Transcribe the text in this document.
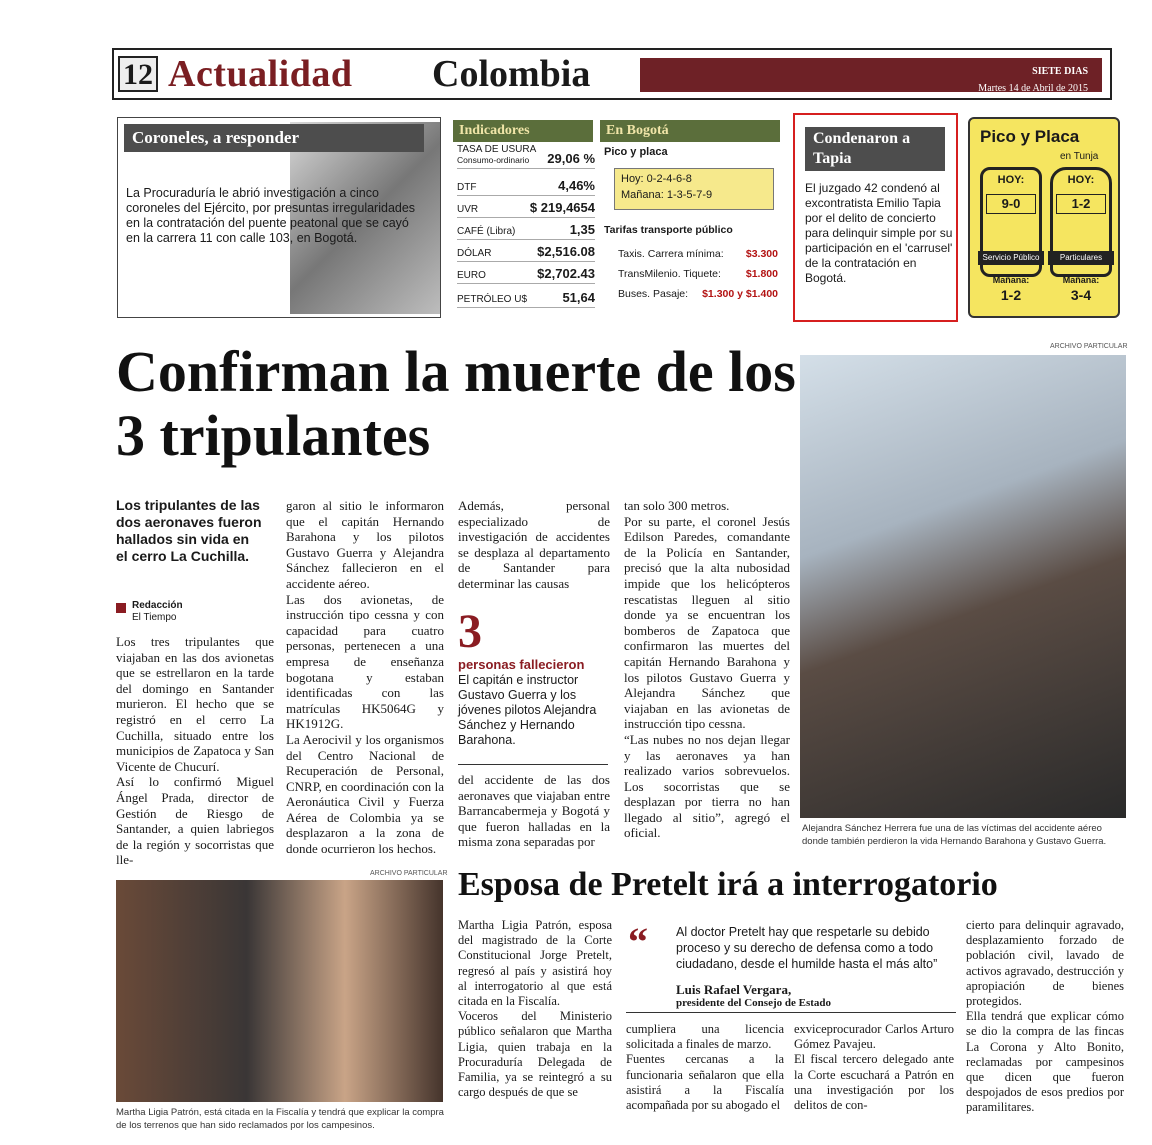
12 Actualidad Colombia	SIETE DIAS
Martes 14 de Abril de 2015
Coroneles, a responder
La Procuraduría le abrió investigación a cinco coroneles del Ejército, por presuntas irregularidades en la contratación del puente peatonal que se cayó en la carrera 11 con calle 103, en Bogotá.
Indicadores
TASA DE USURA
Consumo-ordinario	29,06 %
DTF	4,46%
UVR	$ 219,4654
CAFÉ (Libra)	1,35
DÓLAR	$2,516.08
EURO	$2,702.43
PETRÓLEO U$	51,64
En Bogotá
Pico y placa
Hoy: 0-2-4-6-8
Mañana: 1-3-5-7-9
Tarifas transporte público
Taxis. Carrera mínima: $3.300
TransMilenio. Tiquete: $1.800
Buses. Pasaje: $1.300 y $1.400
Condenaron a Tapia
El juzgado 42 condenó al excontratista Emilio Tapia por el delito de concierto para delinquir simple por su participación en el 'carrusel' de la contratación en Bogotá.
Pico y Placa
en Tunja
HOY:
9-0
HOY:
1-2
Servicio Público	Particulares
Mañana:	Mañana:
1-2	3-4
Confirman la muerte de los 3 tripulantes
Los tripulantes de las dos aeronaves fueron hallados sin vida en el cerro La Cuchilla.
Redacción
El Tiempo
Los tres tripulantes que viajaban en las dos avionetas que se estrellaron en la tarde del domingo en Santander murieron. El hecho que se registró en el cerro La Cuchilla, situado entre los municipios de Zapatoca y San Vicente de Chucurí.
Así lo confirmó Miguel Ángel Prada, director de Gestión de Riesgo de Santander, a quien labriegos de la región y socorristas que lle-
garon al sitio le informaron que el capitán Hernando Barahona y los pilotos Gustavo Guerra y Alejandra Sánchez fallecieron en el accidente aéreo.
Las dos avionetas, de instrucción tipo cessna y con capacidad para cuatro personas, pertenecen a una empresa de enseñanza bogotana y estaban identificadas con las matrículas HK5064G y HK1912G.
La Aerocivil y los organismos del Centro Nacional de Recuperación de Personal, CNRP, en coordinación con la Aeronáutica Civil y Fuerza Aérea de Colombia ya se desplazaron a la zona de donde ocurrieron los hechos.
Además, personal especializado de investigación de accidentes se desplaza al departamento de Santander para determinar las causas
3
personas fallecieron
El capitán e instructor Gustavo Guerra y los jóvenes pilotos Alejandra Sánchez y Hernando Barahona.
del accidente de las dos aeronaves que viajaban entre Barrancabermeja y Bogotá y que fueron halladas en la misma zona separadas por
tan solo 300 metros.
Por su parte, el coronel Jesús Edilson Paredes, comandante de la Policía en Santander, precisó que la alta nubosidad impide que los helicópteros rescatistas lleguen al sitio donde ya se encuentran los bomberos de Zapatoca que confirmaron las muertes del capitán Hernando Barahona y los pilotos Gustavo Guerra y Alejandra Sánchez que viajaban en las avionetas de instrucción tipo cessna.
“Las nubes no nos dejan llegar y las aeronaves ya han realizado varios sobrevuelos. Los socorristas que se desplazan por tierra no han llegado al sitio”, agregó el oficial.
ARCHIVO PARTICULAR
Alejandra Sánchez Herrera fue una de las víctimas del accidente aéreo donde también perdieron la vida Hernando Barahona y Gustavo Guerra.
ARCHIVO PARTICULAR
Martha Ligia Patrón, está citada en la Fiscalía y tendrá que explicar la compra de los terrenos que han sido reclamados por los campesinos.
Esposa de Pretelt irá a interrogatorio
Martha Ligia Patrón, esposa del magistrado de la Corte Constitucional Jorge Pretelt, regresó al país y asistirá hoy al interrogatorio al que está citada en la Fiscalía.
Voceros del Ministerio público señalaron que Martha Ligia, quien trabaja en la Procuraduría Delegada de Familia, ya se reintegró a su cargo después de que se
“ Al doctor Pretelt hay que respetarle su debido proceso y su derecho de defensa como a todo ciudadano, desde el humilde hasta el más alto”
Luis Rafael Vergara,
presidente del Consejo de Estado
cumpliera una licencia solicitada a finales de marzo.
Fuentes cercanas a la funcionaria señalaron que ella asistirá a la Fiscalía acompañada por su abogado el
exviceprocurador Carlos Arturo Gómez Pavajeu.
El fiscal tercero delegado ante la Corte escuchará a Patrón en una investigación por los delitos de con-
cierto para delinquir agravado, desplazamiento forzado de población civil, lavado de activos agravado, destrucción y apropiación de bienes protegidos.
Ella tendrá que explicar cómo se dio la compra de las fincas La Corona y Alto Bonito, reclamadas por campesinos que dicen que fueron despojados de esos predios por paramilitares.
